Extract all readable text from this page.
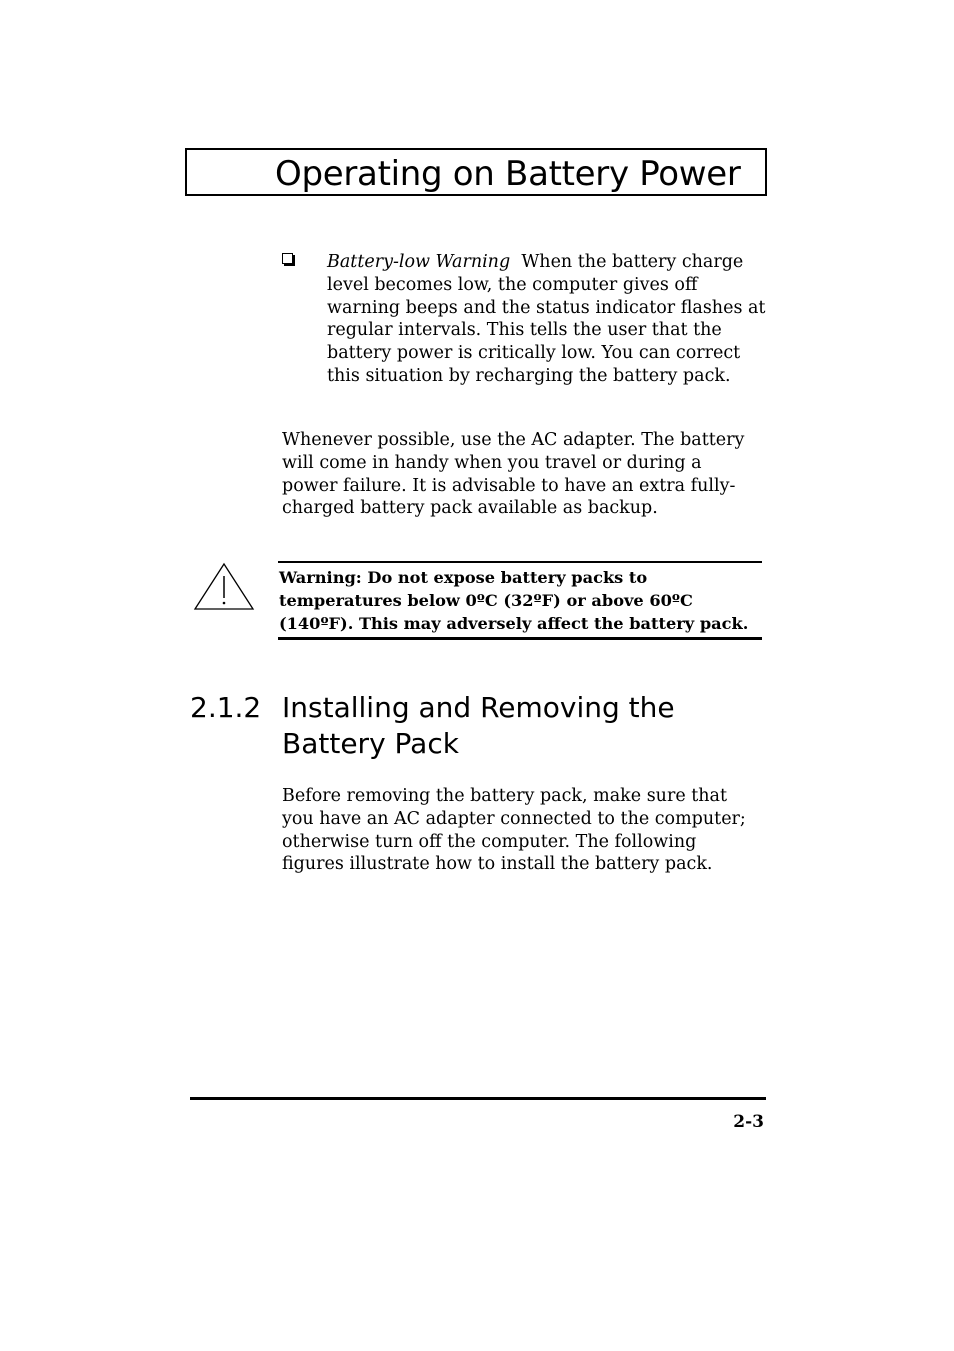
Operating on Battery Power
Battery-low Warning When the battery charge level becomes low, the computer gives off warning beeps and the status indicator flashes at regular intervals. This tells the user that the battery power is critically low. You can correct this situation by recharging the battery pack.
Whenever possible, use the AC adapter. The battery will come in handy when you travel or during a power failure. It is advisable to have an extra fully-charged battery pack available as backup.
Warning: Do not expose battery packs to temperatures below 0ºC (32ºF) or above 60ºC (140ºF). This may adversely affect the battery pack.
2.1.2 Installing and Removing the Battery Pack
Before removing the battery pack, make sure that you have an AC adapter connected to the computer; otherwise turn off the computer. The following figures illustrate how to install the battery pack.
2-3
